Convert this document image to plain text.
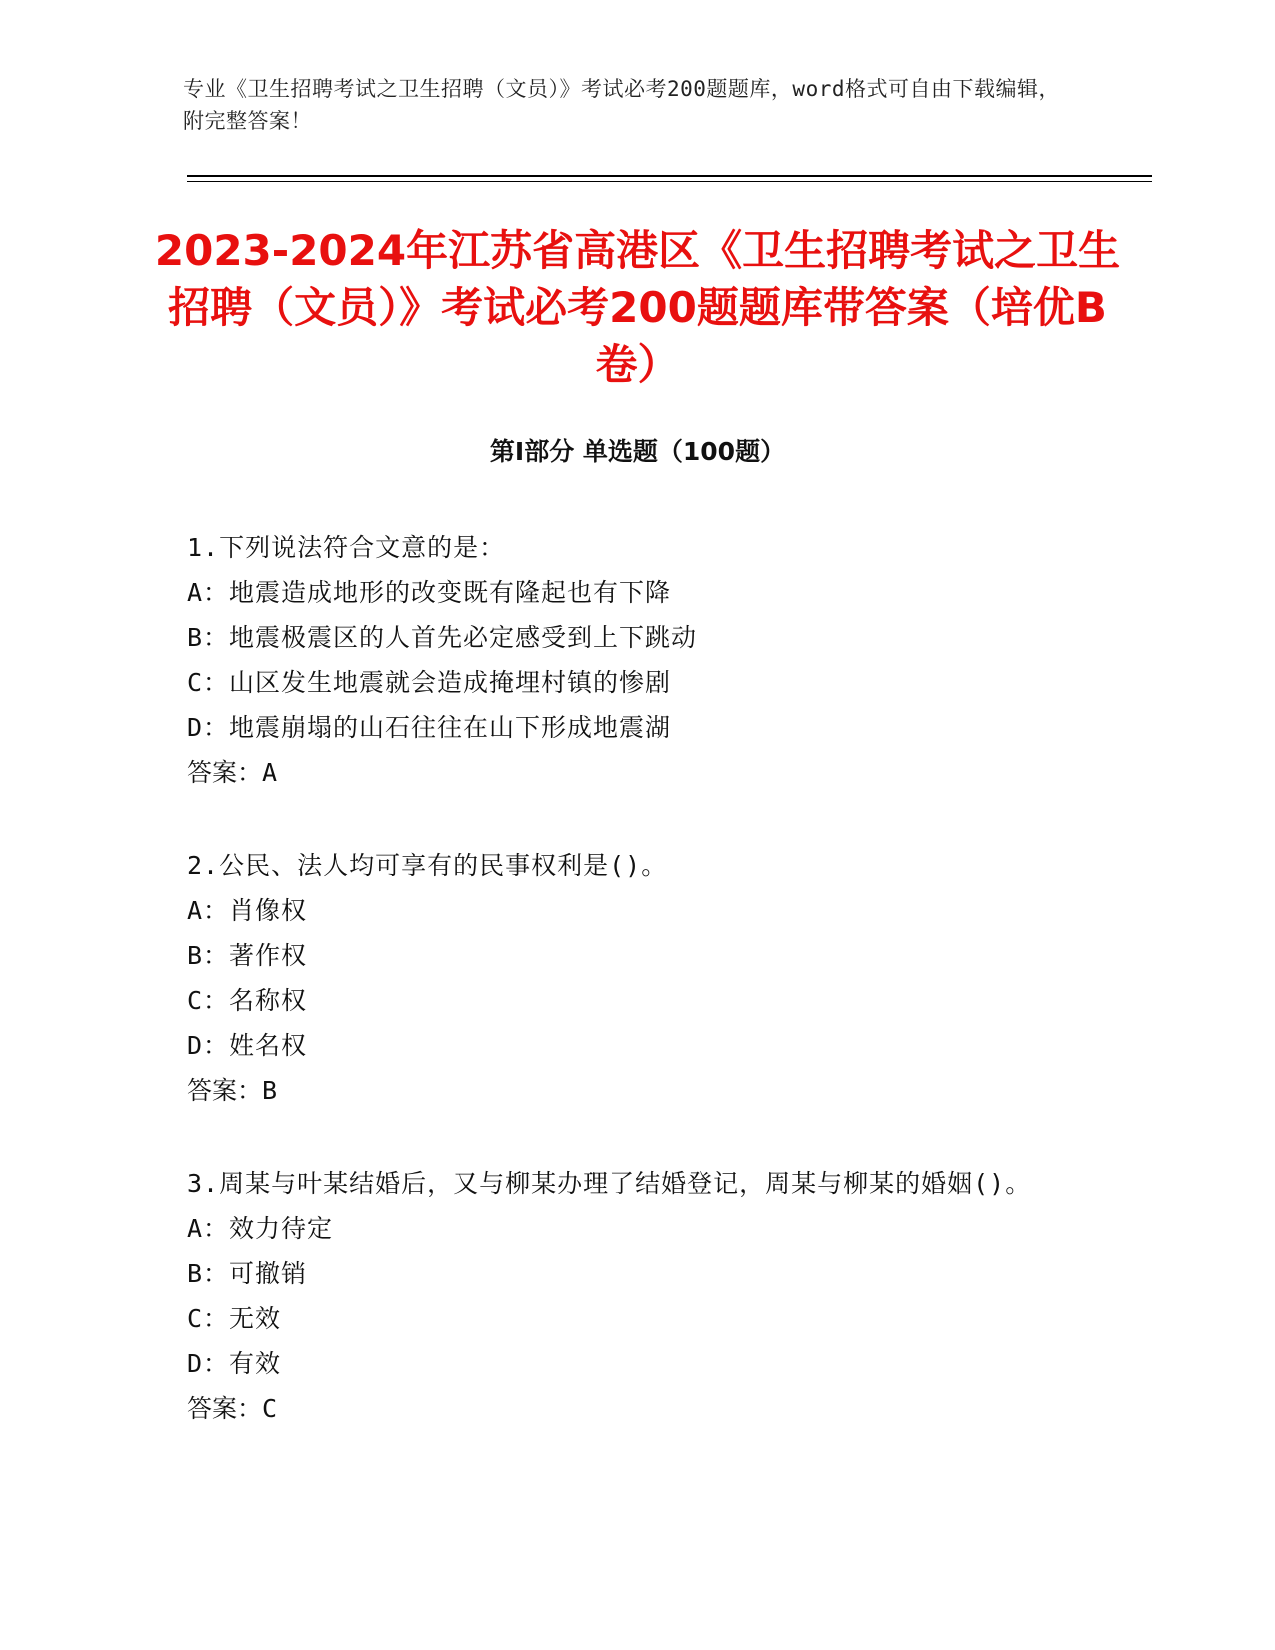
专业《卫生招聘考试之卫生招聘（文员）》考试必考200题题库，word格式可自由下载编辑，附完整答案！
2023-2024年江苏省高港区《卫生招聘考试之卫生招聘（文员）》考试必考200题题库带答案（培优B卷）
第Ⅰ部分 单选题（100题）
1.下列说法符合文意的是：
A：地震造成地形的改变既有隆起也有下降
B：地震极震区的人首先必定感受到上下跳动
C：山区发生地震就会造成掩埋村镇的惨剧
D：地震崩塌的山石往往在山下形成地震湖
答案：A
2.公民、法人均可享有的民事权利是()。
A：肖像权
B：著作权
C：名称权
D：姓名权
答案：B
3.周某与叶某结婚后，又与柳某办理了结婚登记，周某与柳某的婚姻()。
A：效力待定
B：可撤销
C：无效
D：有效
答案：C
